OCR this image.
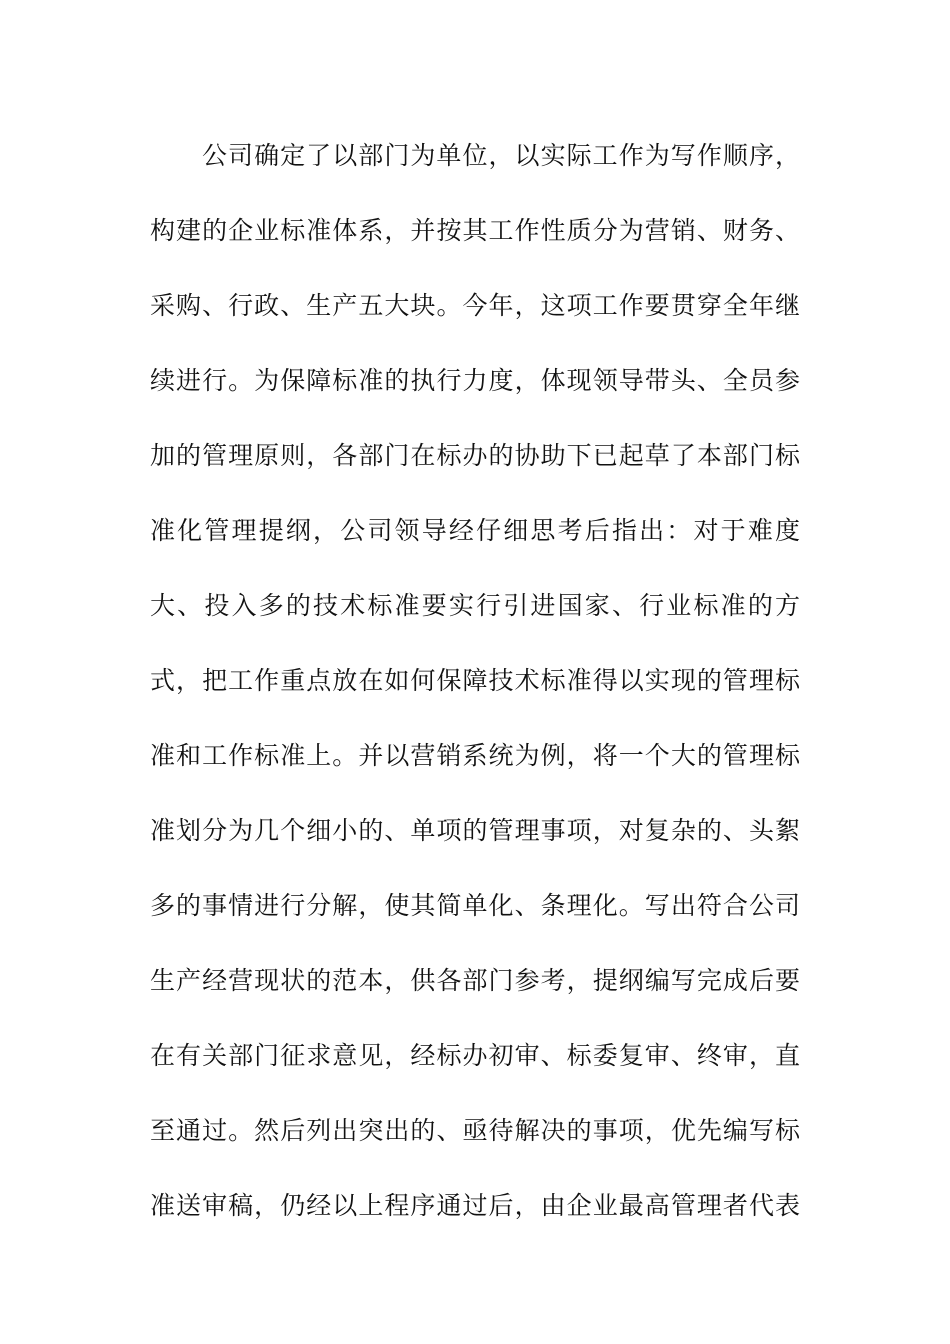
公司确定了以部门为单位，以实际工作为写作顺序，
构建的企业标准体系，并按其工作性质分为营销、财务、
采购、行政、生产五大块。今年，这项工作要贯穿全年继
续进行。为保障标准的执行力度，体现领导带头、全员参
加的管理原则，各部门在标办的协助下已起草了本部门标
准化管理提纲，公司领导经仔细思考后指出：对于难度
大、投入多的技术标准要实行引进国家、行业标准的方
式，把工作重点放在如何保障技术标准得以实现的管理标
准和工作标准上。并以营销系统为例，将一个大的管理标
准划分为几个细小的、单项的管理事项，对复杂的、头絮
多的事情进行分解，使其简单化、条理化。写出符合公司
生产经营现状的范本，供各部门参考，提纲编写完成后要
在有关部门征求意见，经标办初审、标委复审、终审，直
至通过。然后列出突出的、亟待解决的事项，优先编写标
准送审稿，仍经以上程序通过后，由企业最高管理者代表
